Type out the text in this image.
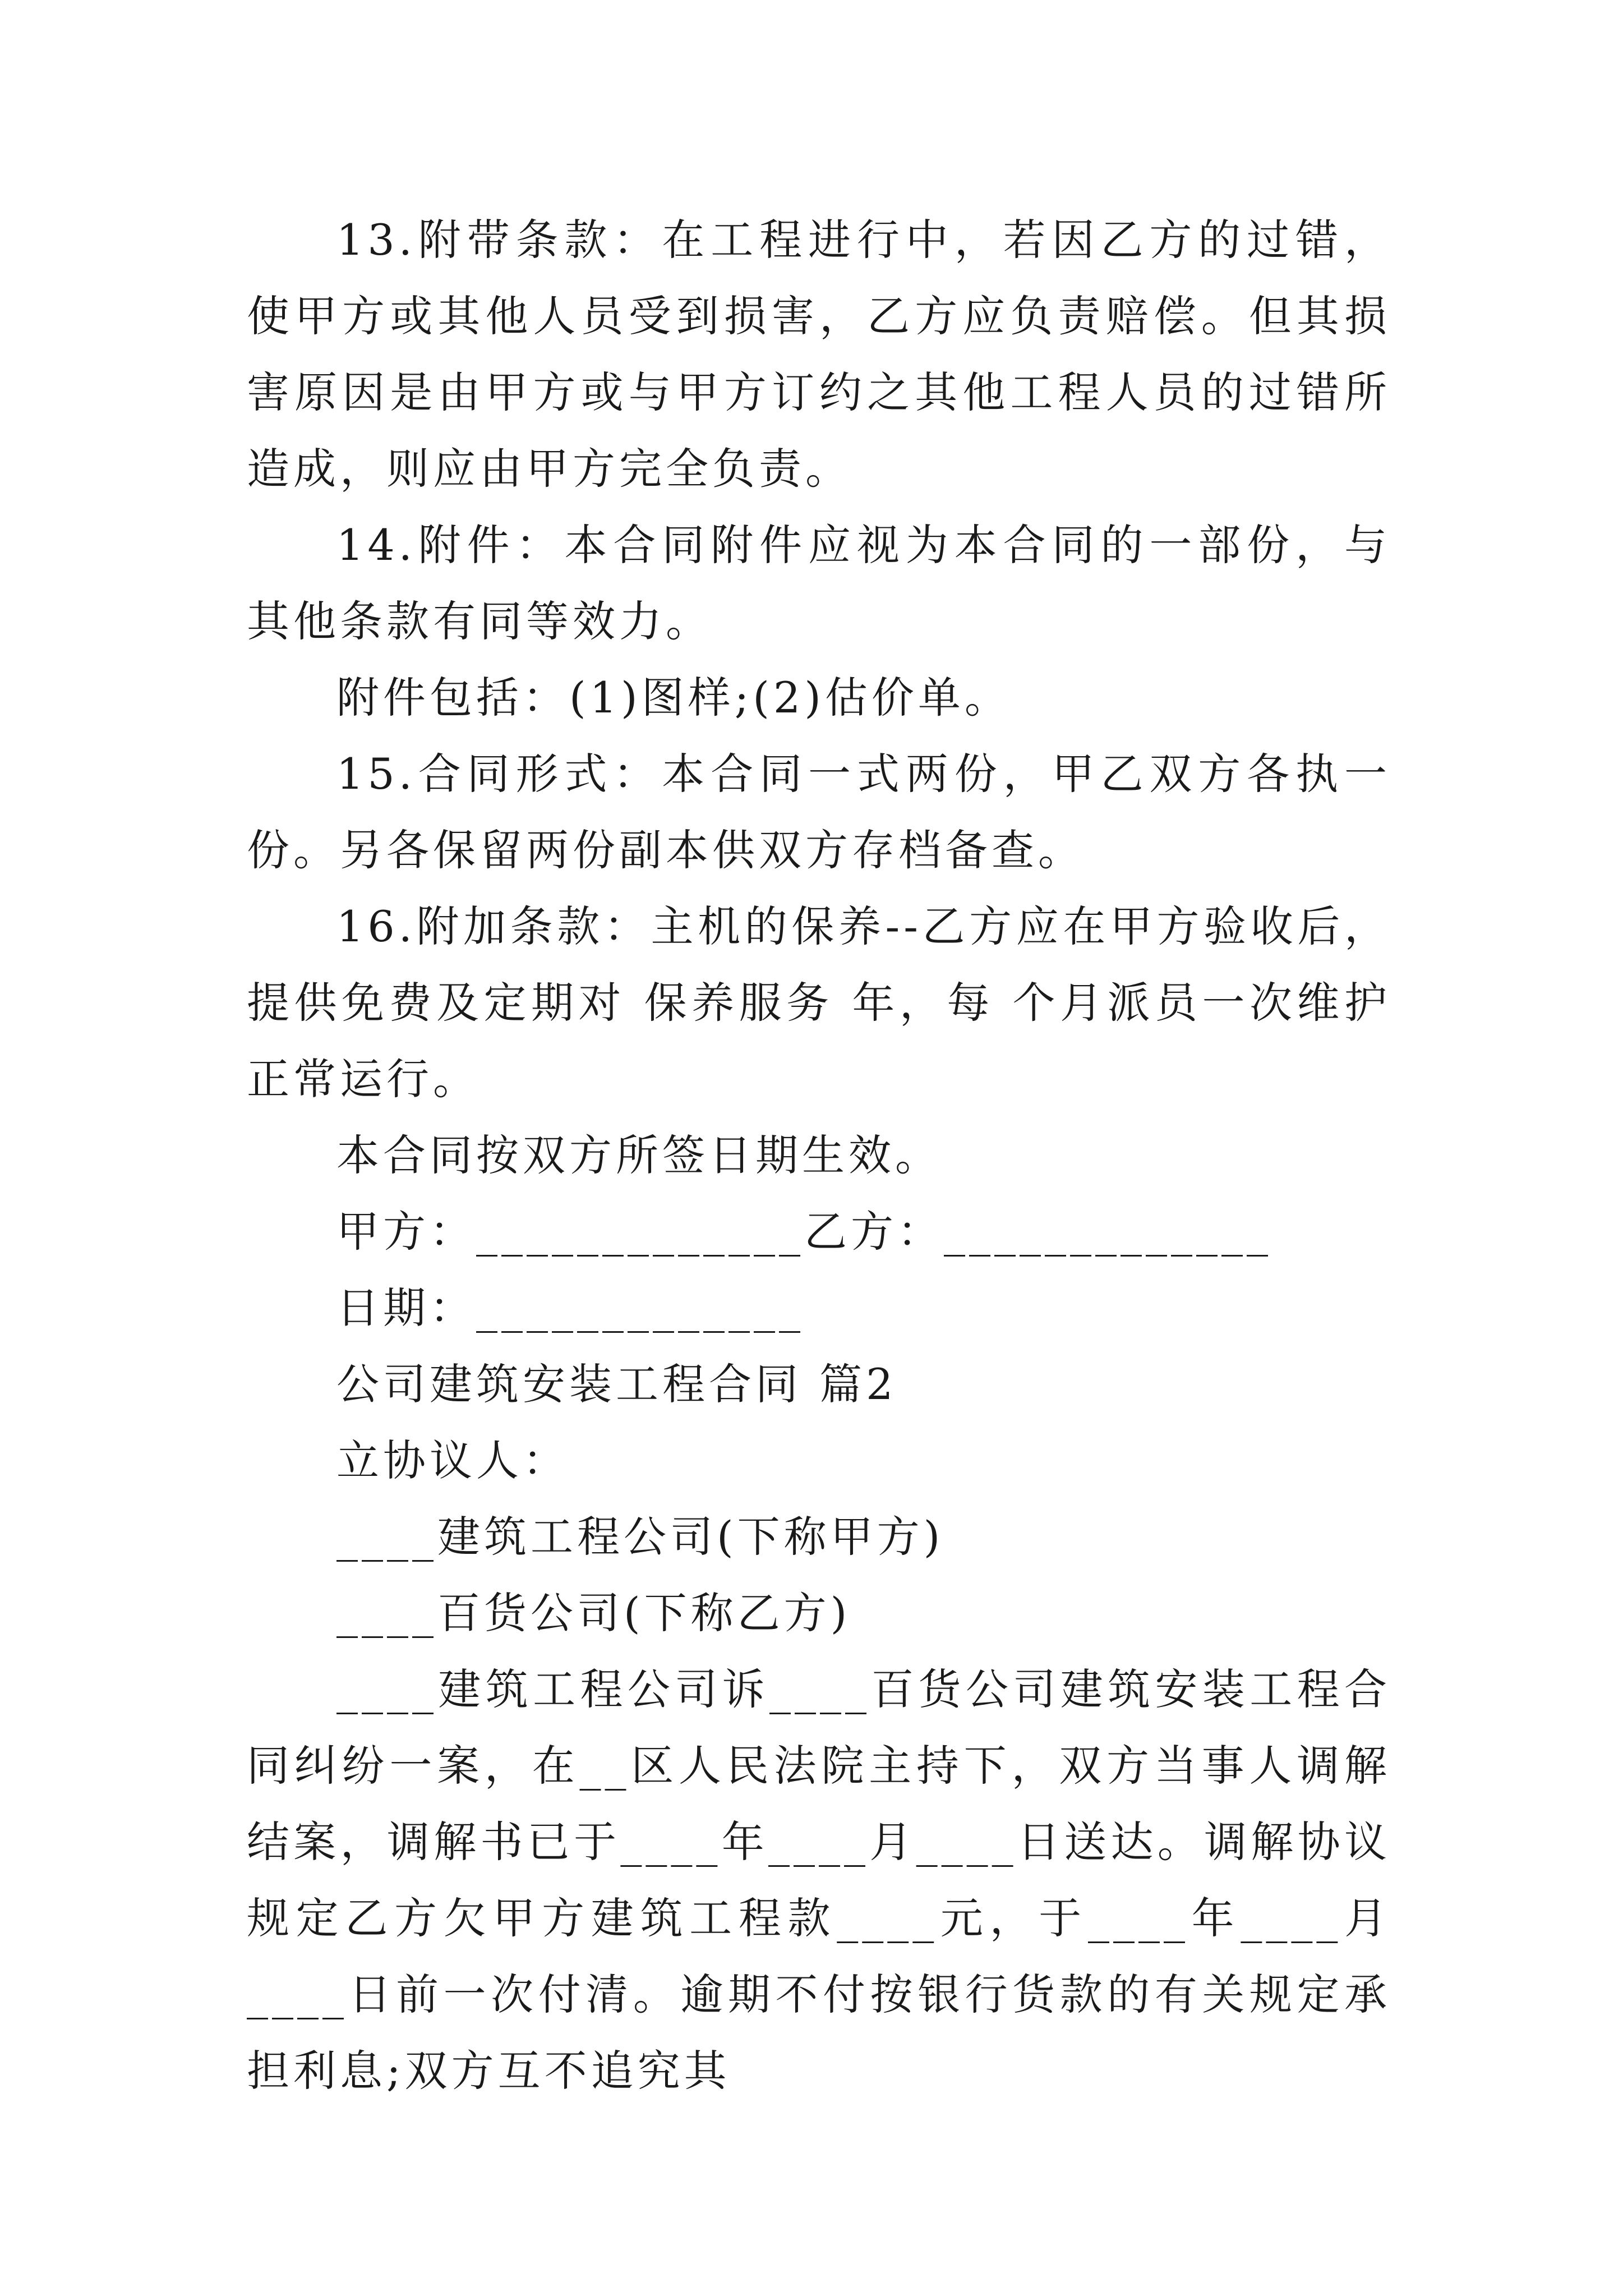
13.附带条款：在工程进行中，若因乙方的过错，使甲方或其他人员受到损害，乙方应负责赔偿。但其损害原因是由甲方或与甲方订约之其他工程人员的过错所造成，则应由甲方完全负责。

14.附件：本合同附件应视为本合同的一部份，与其他条款有同等效力。

附件包括：(1)图样;(2)估价单。

15.合同形式：本合同一式两份，甲乙双方各执一份。另各保留两份副本供双方存档备查。

16.附加条款：主机的保养--乙方应在甲方验收后，提供免费及定期对 保养服务 年，每 个月派员一次维护正常运行。

本合同按双方所签日期生效。

甲方：_____________乙方：_____________

日期：_____________

公司建筑安装工程合同 篇2

立协议人：

____建筑工程公司(下称甲方)

____百货公司(下称乙方)

____建筑工程公司诉____百货公司建筑安装工程合同纠纷一案，在__区人民法院主持下，双方当事人调解结案，调解书已于____年____月____日送达。调解协议规定乙方欠甲方建筑工程款____元，于____年____月____日前一次付清。逾期不付按银行货款的有关规定承担利息;双方互不追究其
